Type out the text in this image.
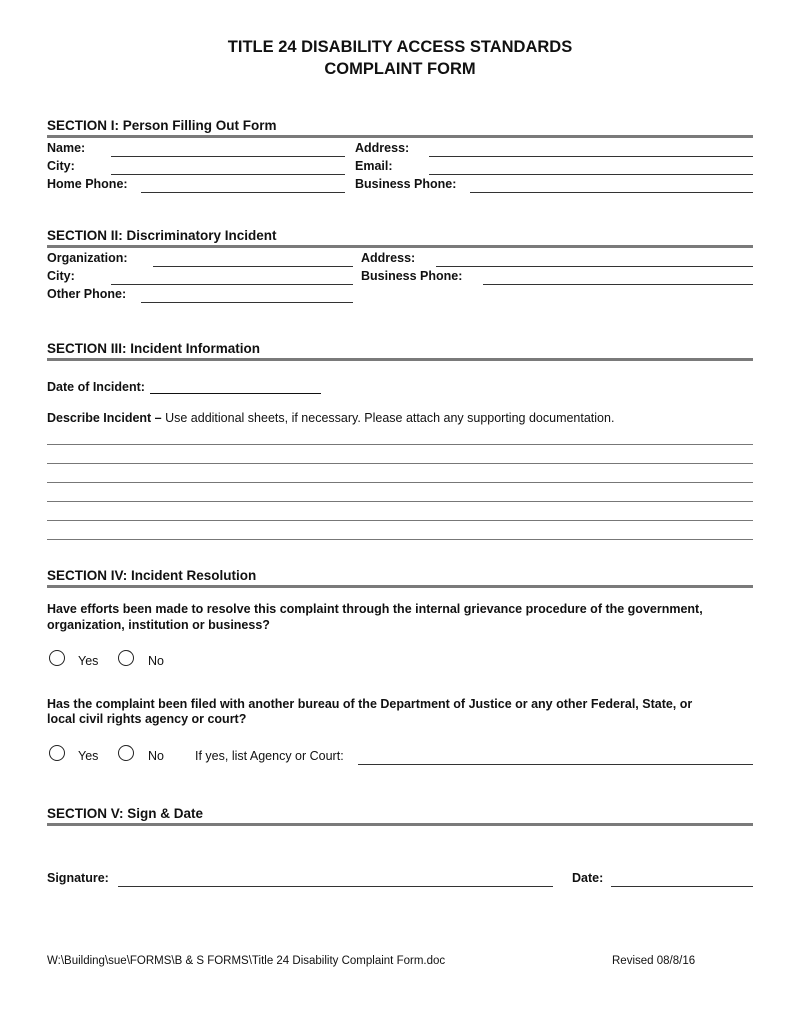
TITLE 24 DISABILITY ACCESS STANDARDS
COMPLAINT FORM
SECTION I: Person Filling Out Form
Name:	Address:
City:	Email:
Home Phone:	Business Phone:
SECTION II: Discriminatory Incident
Organization:	Address:
City:	Business Phone:
Other Phone:
SECTION III: Incident Information
Date of Incident:
Describe Incident – Use additional sheets, if necessary. Please attach any supporting documentation.
SECTION IV: Incident Resolution
Have efforts been made to resolve this complaint through the internal grievance procedure of the government,
organization, institution or business?
Yes	No
Has the complaint been filed with another bureau of the Department of Justice or any other Federal, State, or
local civil rights agency or court?
Yes	No If yes, list Agency or Court:
SECTION V: Sign & Date
Signature:	Date:
W:\Building\sue\FORMS\B & S FORMS\Title 24 Disability Complaint Form.doc	Revised 08/8/16
